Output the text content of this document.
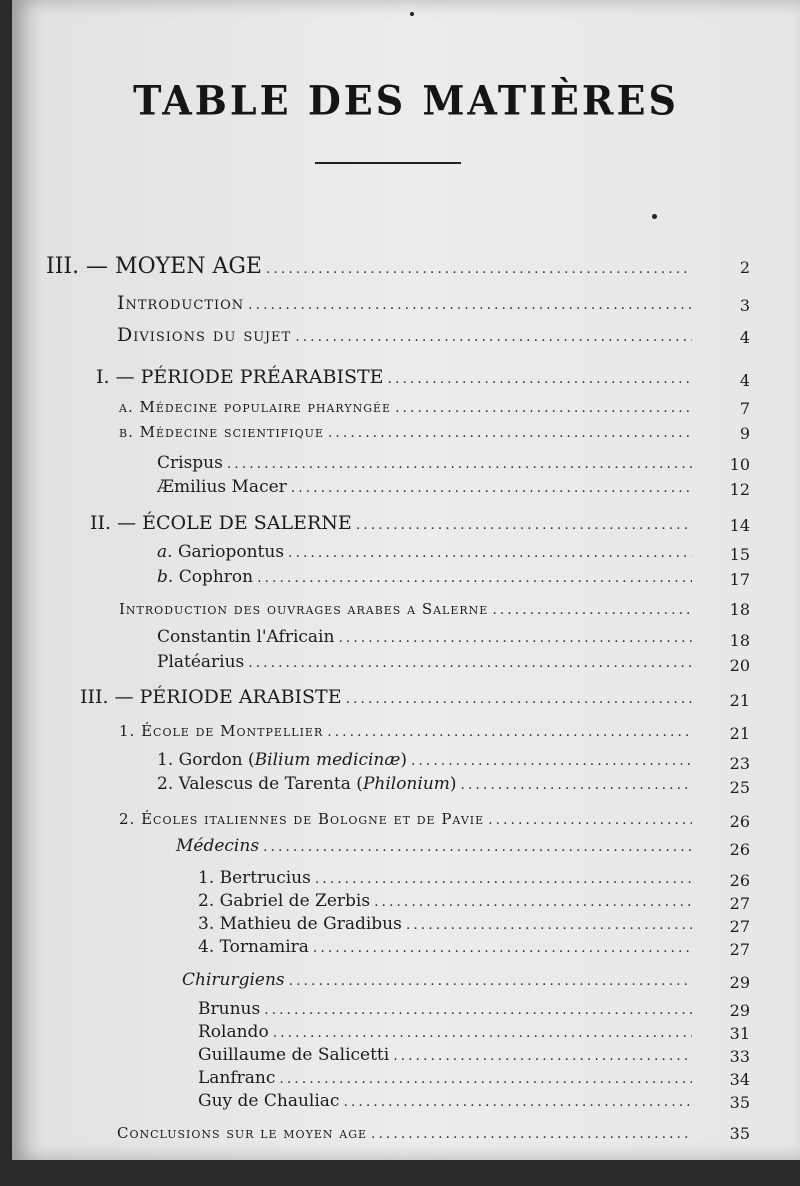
TABLE DES MATIÈRES
III. — MOYEN AGE .....	2
Introduction .....	3
Divisions du sujet .....	4
I. — PÉRIODE PRÉARABISTE .....	4
a. Médecine populaire pharyngée .....	7
b. Médecine scientifique .....	9
Crispus .....	10
Æmilius Macer .....	12
II. — ÉCOLE DE SALERNE .....	14
a. Gariopontus .....	15
b. Cophron .....	17
Introduction des ouvrages arabes a Salerne .....	18
Constantin l'Africain .....	18
Platéarius .....	20
III. — PÉRIODE ARABISTE .....	21
1. École de Montpellier .....	21
1. Gordon (Bilium medicinæ) .....	23
2. Valescus de Tarenta (Philonium) .....	25
2. Écoles italiennes de Bologne et de Pavie .....	26
Médecins .....	26
1. Bertrucius .....	26
2. Gabriel de Zerbis .....	27
3. Mathieu de Gradibus .....	27
4. Tornamira .....	27
Chirurgiens .....	29
Brunus .....	29
Rolando .....	31
Guillaume de Salicetti .....	33
Lanfranc .....	34
Guy de Chauliac .....	35
Conclusions sur le moyen age .....	35
